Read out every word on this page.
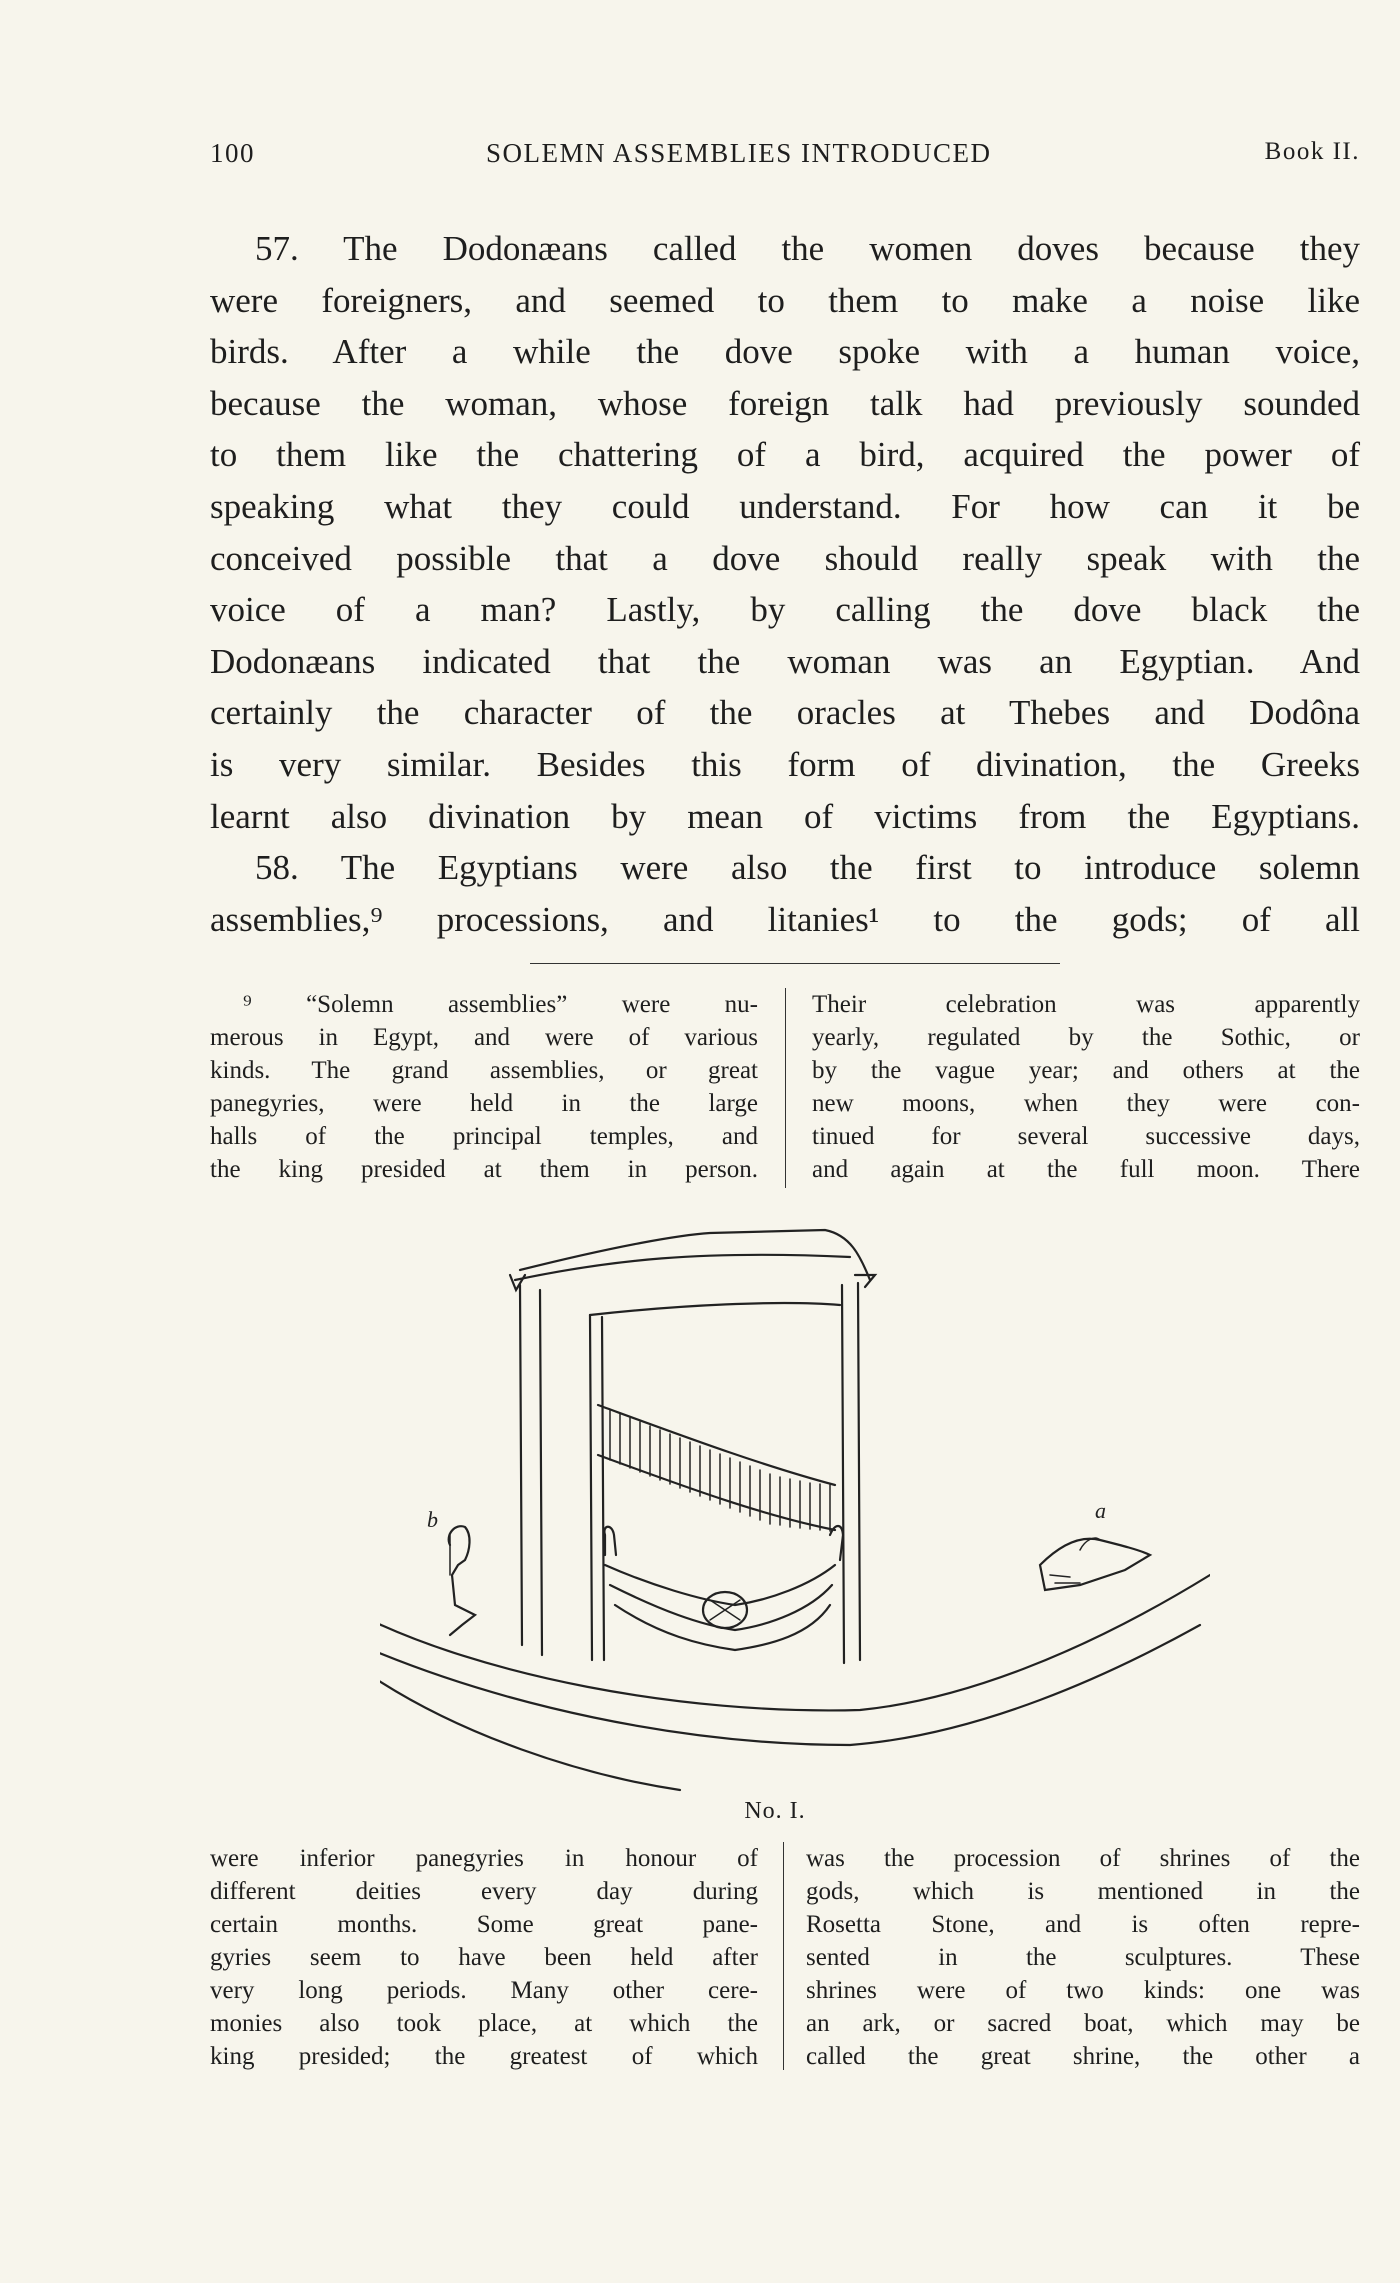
100	SOLEMN ASSEMBLIES INTRODUCED	Book II.
57. The Dodonæans called the women doves because they
were foreigners, and seemed to them to make a noise like
birds. After a while the dove spoke with a human voice,
because the woman, whose foreign talk had previously sounded
to them like the chattering of a bird, acquired the power of
speaking what they could understand. For how can it be
conceived possible that a dove should really speak with the
voice of a man? Lastly, by calling the dove black the
Dodonæans indicated that the woman was an Egyptian. And
certainly the character of the oracles at Thebes and Dodôna
is very similar. Besides this form of divination, the Greeks
learnt also divination by mean of victims from the Egyptians.
58. The Egyptians were also the first to introduce solemn
assemblies,⁹ processions, and litanies¹ to the gods; of all
⁹ “Solemn assemblies” were nu-
merous in Egypt, and were of various
kinds. The grand assemblies, or great
panegyries, were held in the large
halls of the principal temples, and
the king presided at them in person.
Their celebration was apparently
yearly, regulated by the Sothic, or
by the vague year; and others at the
new moons, when they were con-
tinued for several successive days,
and again at the full moon. There
a
b
No. I.
were inferior panegyries in honour of
different deities every day during
certain months. Some great pane-
gyries seem to have been held after
very long periods. Many other cere-
monies also took place, at which the
king presided; the greatest of which
was the procession of shrines of the
gods, which is mentioned in the
Rosetta Stone, and is often repre-
sented in the sculptures. These
shrines were of two kinds: one was
an ark, or sacred boat, which may be
called the great shrine, the other a
